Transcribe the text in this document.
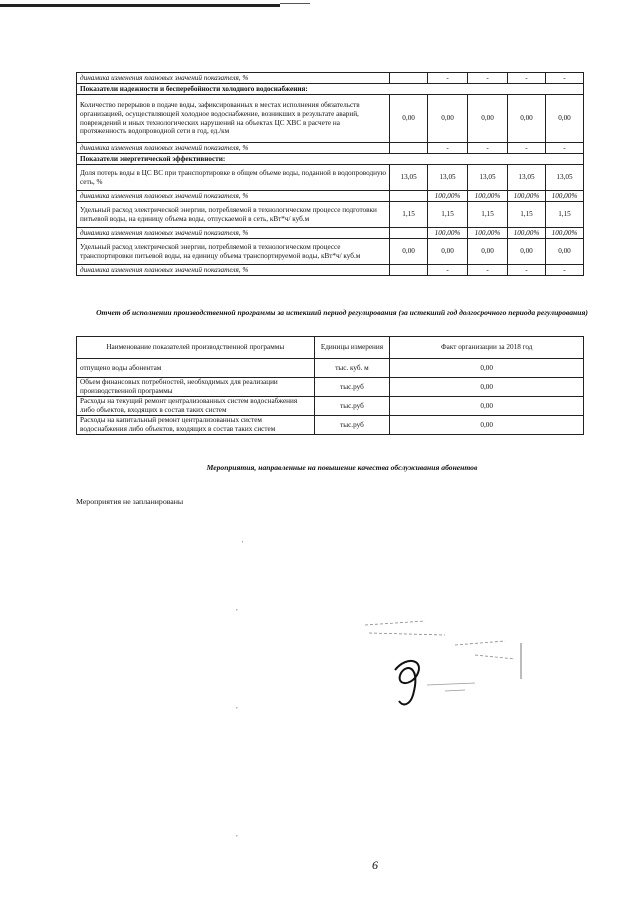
динамика изменения плановых значений показателя, %		-	-	-	-
Показатели надежности и бесперебойности холодного водоснабжения:					
Количество перерывов в подаче воды, зафиксированных в местах исполнения обязательств организацией, осуществляющей холодное водоснабжение, возникших в результате аварий, повреждений и иных технологических нарушений на объектах ЦС ХВС в расчете на протяженность водопроводной сети в год, ед./км	0,00	0,00	0,00	0,00	0,00
динамика изменения плановых значений показателя, %		-	-	-	-
Показатели энергетической эффективности:					
Доля потерь воды в ЦС ВС при транспортировке в общем объеме воды, поданной в водопроводную сеть, %	13,05	13,05	13,05	13,05	13,05
динамика изменения плановых значений показателя, %		100,00%	100,00%	100,00%	100,00%
Удельный расход электрической энергии, потребляемой в технологическом процессе подготовки питьевой воды, на единицу объема воды, отпускаемой в сеть, кВт*ч/ куб.м	1,15	1,15	1,15	1,15	1,15
динамика изменения плановых значений показателя, %		100,00%	100,00%	100,00%	100,00%
Удельный расход электрической энергии, потребляемой в технологическом процессе транспортировки питьевой воды, на единицу объема транспортируемой воды, кВт*ч/ куб.м	0,00	0,00	0,00	0,00	0,00
динамика изменения плановых значений показателя, %		-	-	-	-
Отчет об исполнении производственной программы за истекший период регулирования (за истекший год долгосрочного периода регулирования)
Наименование показателей производственной программы	Единицы измерения	Факт организации за 2018 год
отпущено воды абонентам	тыс. куб. м	0,00
Объем финансовых потребностей, необходимых для реализации производственной программы	тыс.руб	0,00
Расходы на текущий ремонт централизованных систем водоснабжения либо объектов, входящих в состав таких систем	тыс.руб	0,00
Расходы на капитальный ремонт централизованных систем водоснабжения либо объектов, входящих в состав таких систем	тыс.руб	0,00
Мероприятия, направленные на повышение качества обслуживания абонентов
Мероприятия не запланированы
'
,
,
,
6
